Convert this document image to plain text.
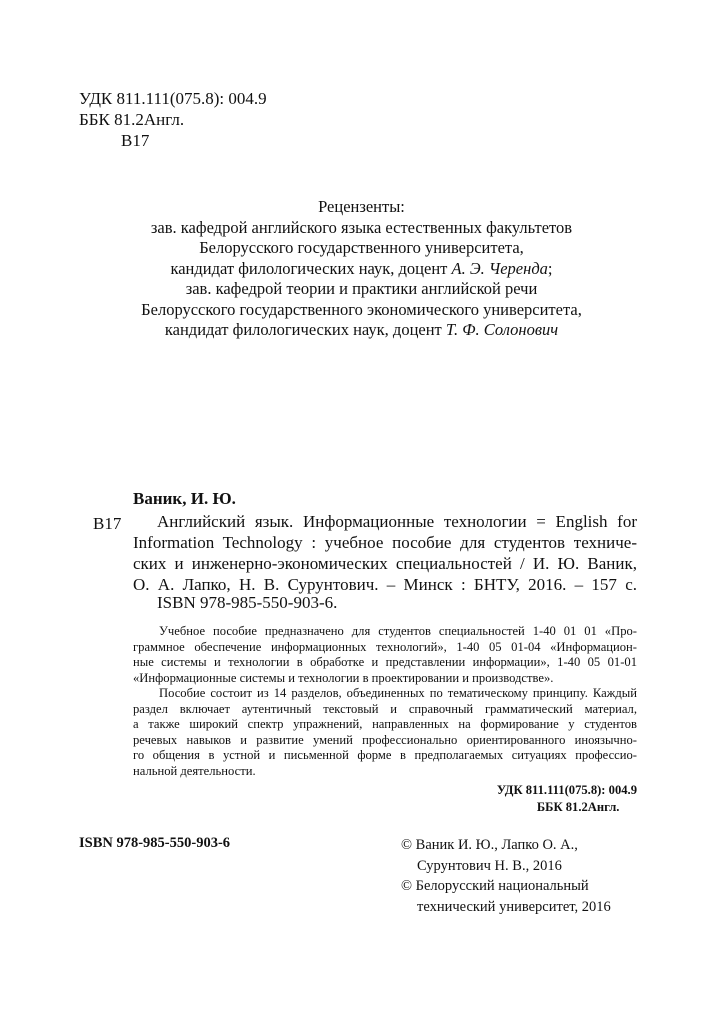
УДК 811.111(075.8): 004.9
ББК 81.2Англ.
В17
Рецензенты:
зав. кафедрой английского языка естественных факультетов
Белорусского государственного университета,
кандидат филологических наук, доцент А. Э. Черенда;
зав. кафедрой теории и практики английской речи
Белорусского государственного экономического университета,
кандидат филологических наук, доцент Т. Ф. Солонович
Ваник, И. Ю.
В17	Английский язык. Информационные технологии = English for
Information Technology : учебное пособие для студентов техниче-
ских и инженерно-экономических специальностей / И. Ю. Ваник,
О. А. Лапко, Н. В. Сурунтович. – Минск : БНТУ, 2016. – 157 с.
ISBN 978-985-550-903-6.
Учебное пособие предназначено для студентов специальностей 1-40 01 01 «Про-
граммное обеспечение информационных технологий», 1-40 05 01-04 «Информацион-
ные системы и технологии в обработке и представлении информации», 1-40 05 01-01
«Информационные системы и технологии в проектировании и производстве».
Пособие состоит из 14 разделов, объединенных по тематическому принципу. Каждый
раздел включает аутентичный текстовый и справочный грамматический материал,
а также широкий спектр упражнений, направленных на формирование у студентов
речевых навыков и развитие умений профессионально ориентированного иноязычно-
го общения в устной и письменной форме в предполагаемых ситуациях профессио-
нальной деятельности.
УДК 811.111(075.8): 004.9
ББК 81.2Англ.
ISBN 978-985-550-903-6	© Ваник И. Ю., Лапко О. А.,
Сурунтович Н. В., 2016
© Белорусский национальный
технический университет, 2016
